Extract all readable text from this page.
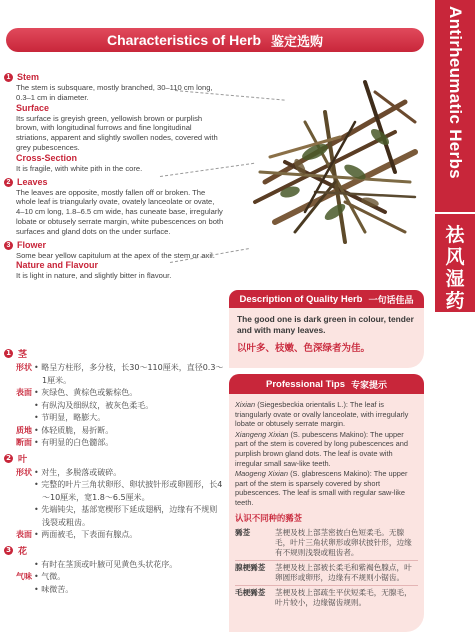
Antirheumatic Herbs
祛风湿药
Characteristics of Herb 鉴定选购
1 Stem
The stem is subsquare, mostly branched, 30–110 cm long, 0.3–1 cm in diameter.
Surface
Its surface is greyish green, yellowish brown or purplish brown, with longitudinal furrows and fine longitudinal striations, apparent and slightly swollen nodes, covered with grey pubescences.
Cross-Section
It is fragile, with white pith in the core.
2 Leaves
The leaves are opposite, mostly fallen off or broken. The whole leaf is triangularly ovate, ovately lanceolate or ovate, 4–10 cm long, 1.8–6.5 cm wide, has cuneate base, irregularly lobate or obtusely serrate margin, white pubescences on both surfaces and gland dots on the under surface.
3 Flower
Some bear yellow capitulum at the apex of the stem or axil.
Nature and Flavour
It is light in nature, and slightly bitter in flavour.
Description of Quality Herb 一句话佳品
The good one is dark green in colour, tender and with many leaves.
以叶多、枝嫩、色深绿者为佳。
Professional Tips 专家提示
Xixian (Siegesbeckia orientalis L.): The leaf is triangularly ovate or ovally lanceolate, with irregularly lobate or obtusely serrate margin.
Xiangeng Xixian (S. pubescens Makino): The upper part of the stem is covered by long pubescences and purplish brown gland dots. The leaf is ovate with irregular small saw-like teeth.
Maogeng Xixian (S. glabrescens Makino): The upper part of the stem is sparsely covered by short pubescences. The leaf is small with regular saw-like teeth.
认识不同种的豨莶
豨莶	茎梗及枝上部茎密披白色短柔毛。无腺毛，叶片三角状卵形或卵状披针形，边缘有不规则浅裂或粗齿者。
腺梗豨莶	茎梗及枝上部被长柔毛和紫褐色腺点，叶卵圆形或卵形，边缘有不规则小锯齿。
毛梗豨莶	茎梗及枝上部疏生平伏短柔毛，无腺毛，叶片较小，边缘锯齿规则。
1 茎
形状	• 略呈方柱形，多分枝，长30～110厘米，直径0.3～1厘米。
表面	• 灰绿色、黄棕色或紫棕色。
• 有纵沟及细纵纹，被灰色柔毛。
• 节明显，略膨大。
质地	• 体轻质脆，易折断。
断面	• 有明显的白色髓部。
2 叶
形状	• 对生，多脱落或破碎。
• 完整的叶片三角状卵形、卵状披针形或卵圆形，长4～10厘米，宽1.8～6.5厘米。
• 先端钝尖，基部宽楔形下延成翅柄，边缘有不规则浅裂或粗齿。
表面	• 两面被毛，下表面有腺点。
3 花
• 有时在茎顶或叶腋可见黄色头状花序。
气味	• 气微。
• 味微苦。
